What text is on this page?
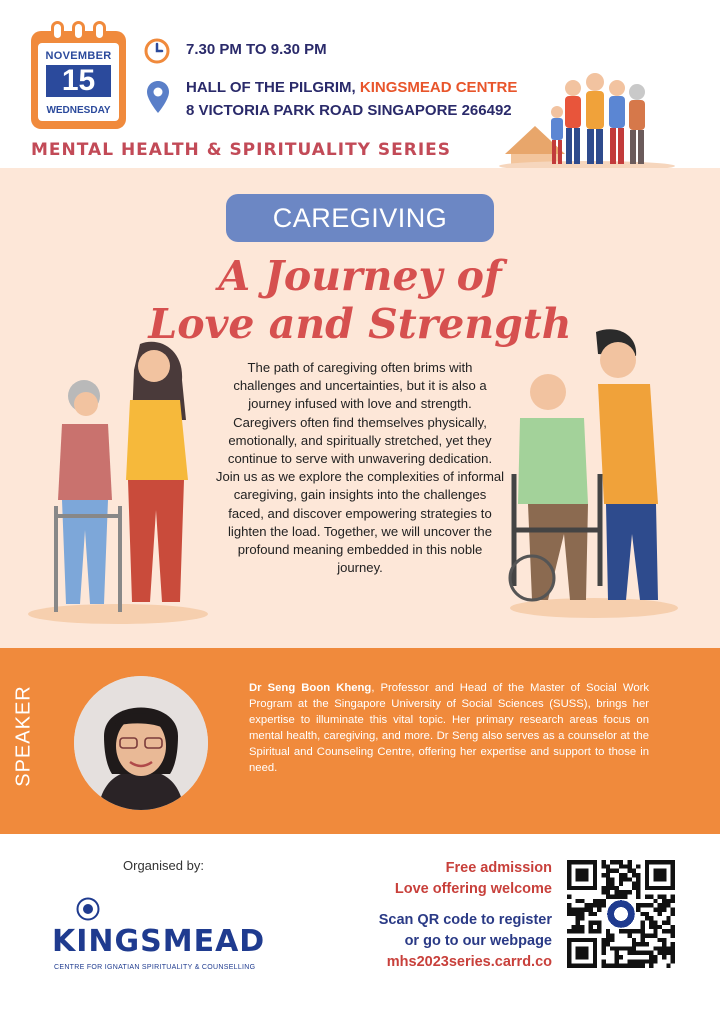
NOVEMBER
15
WEDNESDAY
7.30 PM TO 9.30 PM
HALL OF THE PILGRIM, KINGSMEAD CENTRE
8 VICTORIA PARK ROAD SINGAPORE 266492
MENTAL HEALTH & SPIRITUALITY SERIES
CAREGIVING
A Journey of
Love and Strength
The path of caregiving often brims with challenges and uncertainties, but it is also a journey infused with love and strength. Caregivers often find themselves physically, emotionally, and spiritually stretched, yet they continue to serve with unwavering dedication. Join us as we explore the complexities of informal caregiving, gain insights into the challenges faced, and discover empowering strategies to lighten the load. Together, we will uncover the profound meaning embedded in this noble journey.
SPEAKER	Dr Seng Boon Kheng, Professor and Head of the Master of Social Work Program at the Singapore University of Social Sciences (SUSS), brings her expertise to illuminate this vital topic. Her primary research areas focus on mental health, caregiving, and more. Dr Seng also serves as a counselor at the Spiritual and Counseling Centre, offering her expertise and support to those in need.
Organised by:
KINGSMEAD
CENTRE FOR IGNATIAN SPIRITUALITY & COUNSELLING
Free admission
Love offering welcome
Scan QR code to register
or go to our webpage
mhs2023series.carrd.co
